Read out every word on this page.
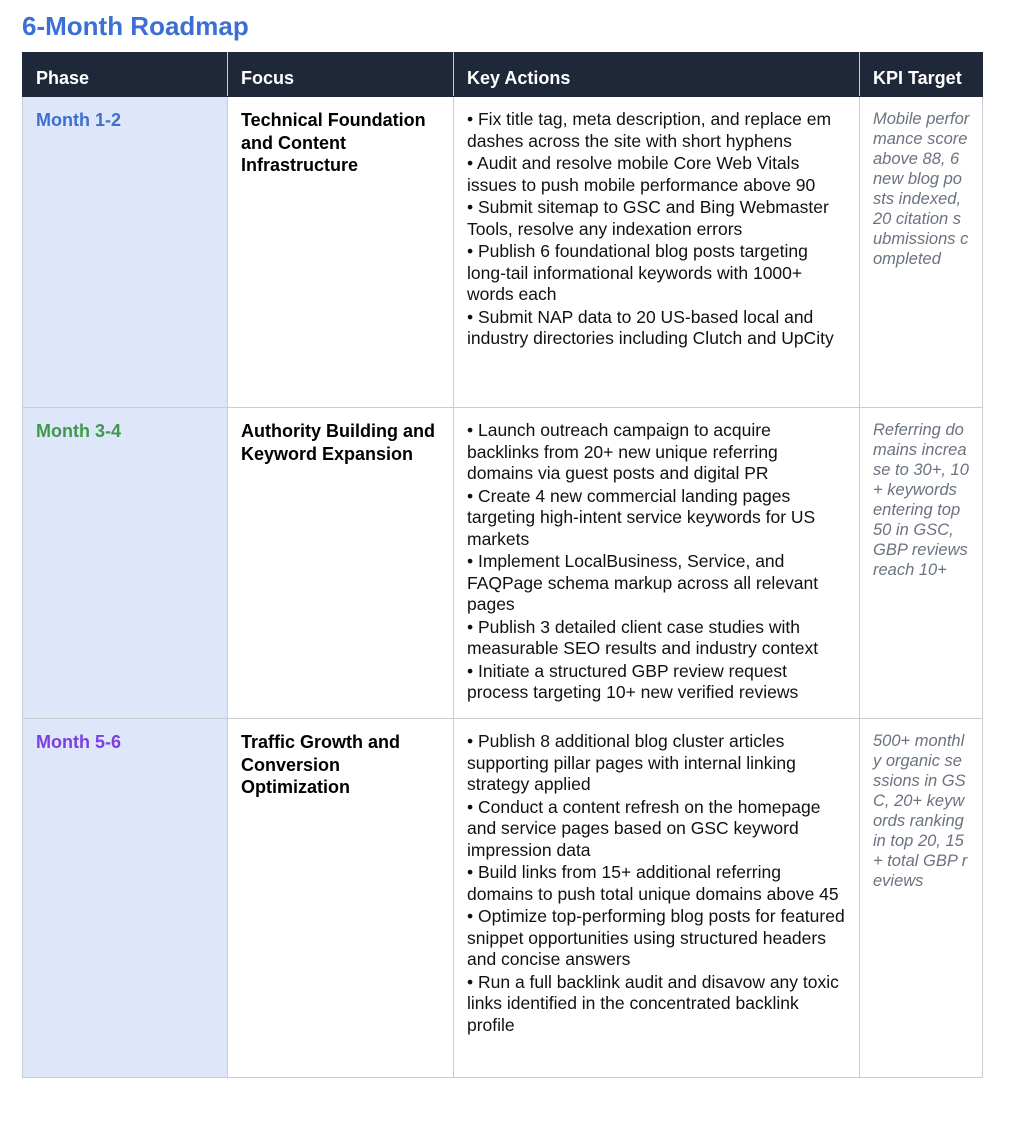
6-Month Roadmap
Phase	Focus	Key Actions	KPI Target
Month 1-2	Technical Foundation and Content Infrastructure	• Fix title tag, meta description, and replace em dashes across the site with short hyphens
• Audit and resolve mobile Core Web Vitals issues to push mobile performance above 90
• Submit sitemap to GSC and Bing Webmaster Tools, resolve any indexation errors
• Publish 6 foundational blog posts targeting long-tail informational keywords with 1000+ words each
• Submit NAP data to 20 US-based local and industry directories including Clutch and UpCity	Mobile performance score above 88, 6 new blog posts indexed, 20 citation submissions completed
Month 3-4	Authority Building and Keyword Expansion	• Launch outreach campaign to acquire backlinks from 20+ new unique referring domains via guest posts and digital PR
• Create 4 new commercial landing pages targeting high-intent service keywords for US markets
• Implement LocalBusiness, Service, and FAQPage schema markup across all relevant pages
• Publish 3 detailed client case studies with measurable SEO results and industry context
• Initiate a structured GBP review request process targeting 10+ new verified reviews	Referring domains increase to 30+, 10+ keywords entering top 50 in GSC, GBP reviews reach 10+
Month 5-6	Traffic Growth and Conversion Optimization	• Publish 8 additional blog cluster articles supporting pillar pages with internal linking strategy applied
• Conduct a content refresh on the homepage and service pages based on GSC keyword impression data
• Build links from 15+ additional referring domains to push total unique domains above 45
• Optimize top-performing blog posts for featured snippet opportunities using structured headers and concise answers
• Run a full backlink audit and disavow any toxic links identified in the concentrated backlink profile	500+ monthly organic sessions in GSC, 20+ keywords ranking in top 20, 15+ total GBP reviews
